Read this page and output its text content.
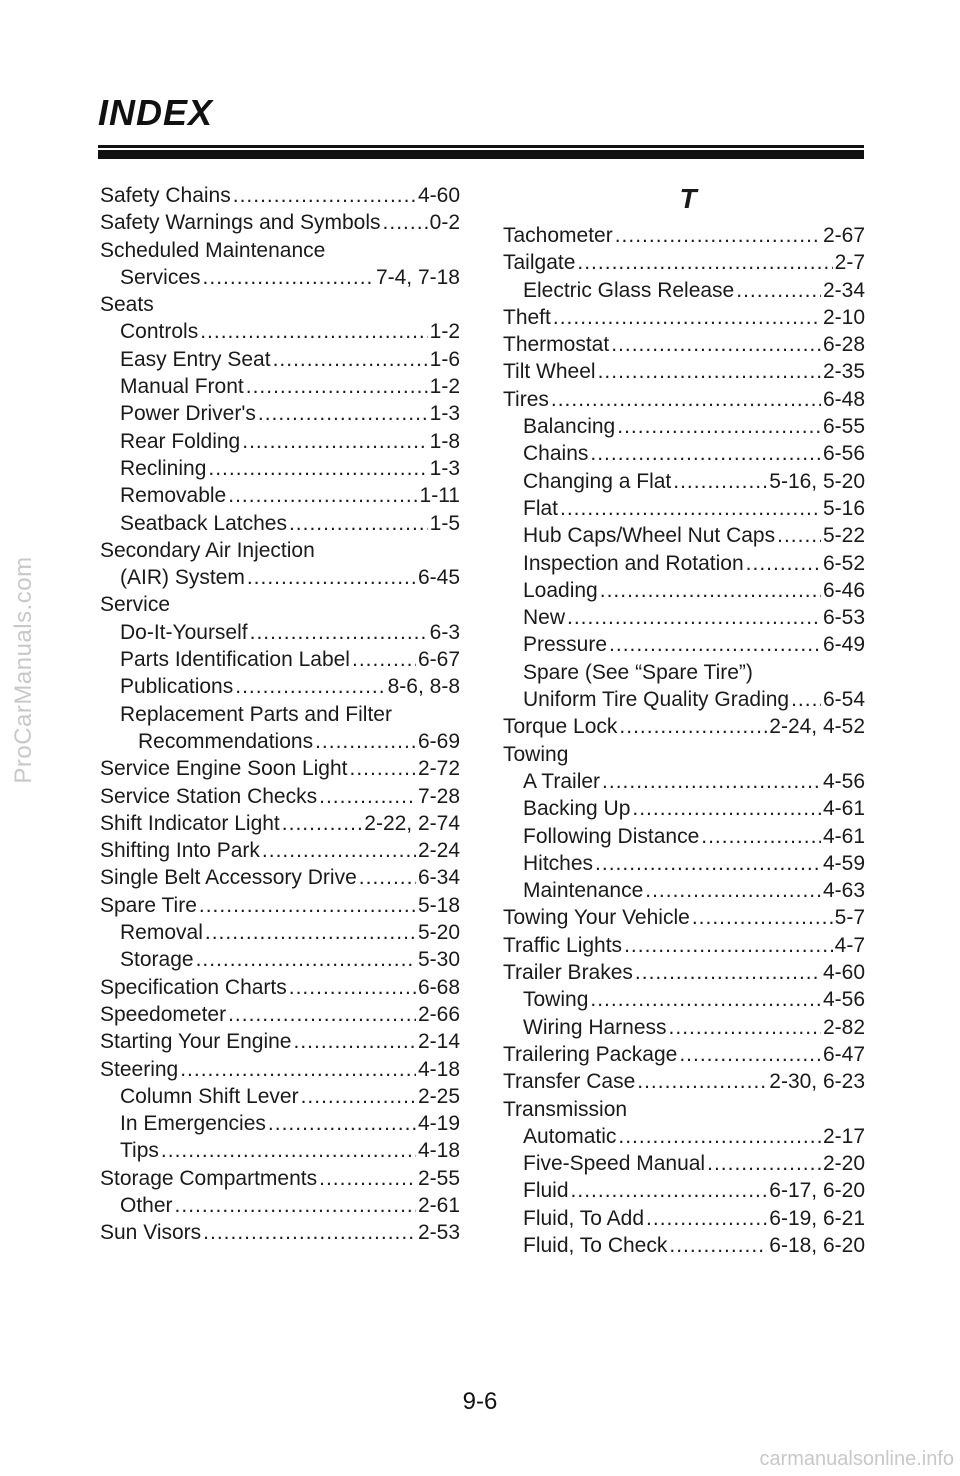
ProCarManuals.com
INDEX
Safety Chains .....	4-60
Safety Warnings and Symbols ..... 0-2
Scheduled Maintenance
Services .....	7-4, 7-18
Seats
Controls .....	1-2
Easy Entry Seat .....	1-6
Manual Front .....	1-2
Power Driver's .....	1-3
Rear Folding .....	1-8
Reclining .....	1-3
Removable .....	1-11
Seatback Latches .....	1-5
Secondary Air Injection
(AIR) System .....	6-45
Service
Do-It-Yourself .....	6-3
Parts Identification Label .....	6-67
Publications .....	8-6, 8-8
Replacement Parts and Filter
Recommendations .....	6-69
Service Engine Soon Light .....	2-72
Service Station Checks .....	7-28
Shift Indicator Light .....	2-22, 2-74
Shifting Into Park .....	2-24
Single Belt Accessory Drive .....	6-34
Spare Tire .....	5-18
Removal .....	5-20
Storage .....	5-30
Specification Charts .....	6-68
Speedometer .....	2-66
Starting Your Engine .....	2-14
Steering .....	4-18
Column Shift Lever .....	2-25
In Emergencies .....	4-19
Tips .....	4-18
Storage Compartments .....	2-55
Other .....	2-61
Sun Visors .....	2-53
T
Tachometer .....	2-67
Tailgate .....	2-7
Electric Glass Release .....	2-34
Theft .....	2-10
Thermostat .....	6-28
Tilt Wheel .....	2-35
Tires .....	6-48
Balancing .....	6-55
Chains .....	6-56
Changing a Flat .....	5-16, 5-20
Flat .....	5-16
Hub Caps/Wheel Nut Caps ..... 5-22
Inspection and Rotation .....	6-52
Loading .....	6-46
New .....	6-53
Pressure .....	6-49
Spare (See “Spare Tire”)
Uniform Tire Quality Grading ..... 6-54
Torque Lock .....	2-24, 4-52
Towing
A Trailer .....	4-56
Backing Up .....	4-61
Following Distance .....	4-61
Hitches .....	4-59
Maintenance .....	4-63
Towing Your Vehicle .....	5-7
Traffic Lights .....	4-7
Trailer Brakes .....	4-60
Towing .....	4-56
Wiring Harness .....	2-82
Trailering Package .....	6-47
Transfer Case .....	2-30, 6-23
Transmission
Automatic .....	2-17
Five-Speed Manual .....	2-20
Fluid .....	6-17, 6-20
Fluid, To Add .....	6-19, 6-21
Fluid, To Check .....	6-18, 6-20
9-6
carmanualsonline.info
